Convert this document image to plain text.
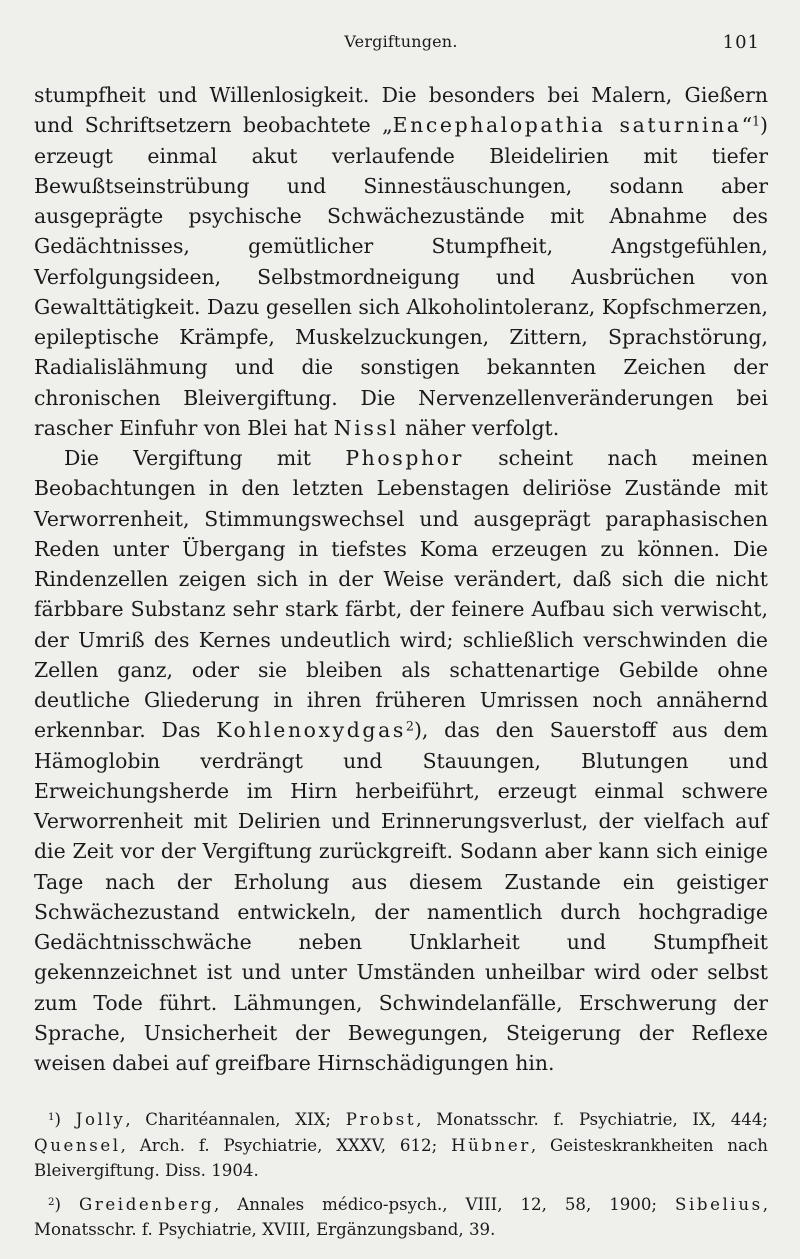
Vergiftungen.	101

stumpfheit und Willenlosigkeit. Die besonders bei Malern, Gießern und Schriftsetzern beobachtete „Encephalopathia saturnina“$^1$) erzeugt einmal akut verlaufende Bleidelirien mit tiefer Bewußtseinstrübung und Sinnestäuschungen, sodann aber ausgeprägte psychische Schwächezustände mit Abnahme des Gedächtnisses, gemütlicher Stumpfheit, Angstgefühlen, Verfolgungsideen, Selbstmordneigung und Ausbrüchen von Gewalttätigkeit. Dazu gesellen sich Alkoholintoleranz, Kopfschmerzen, epileptische Krämpfe, Muskelzuckungen, Zittern, Sprachstörung, Radialislähmung und die sonstigen bekannten Zeichen der chronischen Bleivergiftung. Die Nervenzellenveränderungen bei rascher Einfuhr von Blei hat Nissl näher verfolgt.

Die Vergiftung mit Phosphor scheint nach meinen Beobachtungen in den letzten Lebenstagen deliriöse Zustände mit Verworrenheit, Stimmungswechsel und ausgeprägt paraphasischen Reden unter Übergang in tiefstes Koma erzeugen zu können. Die Rindenzellen zeigen sich in der Weise verändert, daß sich die nicht färbbare Substanz sehr stark färbt, der feinere Aufbau sich verwischt, der Umriß des Kernes undeutlich wird; schließlich verschwinden die Zellen ganz, oder sie bleiben als schattenartige Gebilde ohne deutliche Gliederung in ihren früheren Umrissen noch annähernd erkennbar. Das Kohlenoxydgas$^2$), das den Sauerstoff aus dem Hämoglobin verdrängt und Stauungen, Blutungen und Erweichungsherde im Hirn herbeiführt, erzeugt einmal schwere Verworrenheit mit Delirien und Erinnerungsverlust, der vielfach auf die Zeit vor der Vergiftung zurückgreift. Sodann aber kann sich einige Tage nach der Erholung aus diesem Zustande ein geistiger Schwächezustand entwickeln, der namentlich durch hochgradige Gedächtnisschwäche neben Unklarheit und Stumpfheit gekennzeichnet ist und unter Umständen unheilbar wird oder selbst zum Tode führt. Lähmungen, Schwindelanfälle, Erschwerung der Sprache, Unsicherheit der Bewegungen, Steigerung der Reflexe weisen dabei auf greifbare Hirnschädigungen hin.

$^1$) Jolly, Charitéannalen, XIX; Probst, Monatsschr. f. Psychiatrie, IX, 444; Quensel, Arch. f. Psychiatrie, XXXV, 612; Hübner, Geisteskrankheiten nach Bleivergiftung. Diss. 1904.

$^2$) Greidenberg, Annales médico-psych., VIII, 12, 58, 1900; Sibelius, Monatsschr. f. Psychiatrie, XVIII, Ergänzungsband, 39.
